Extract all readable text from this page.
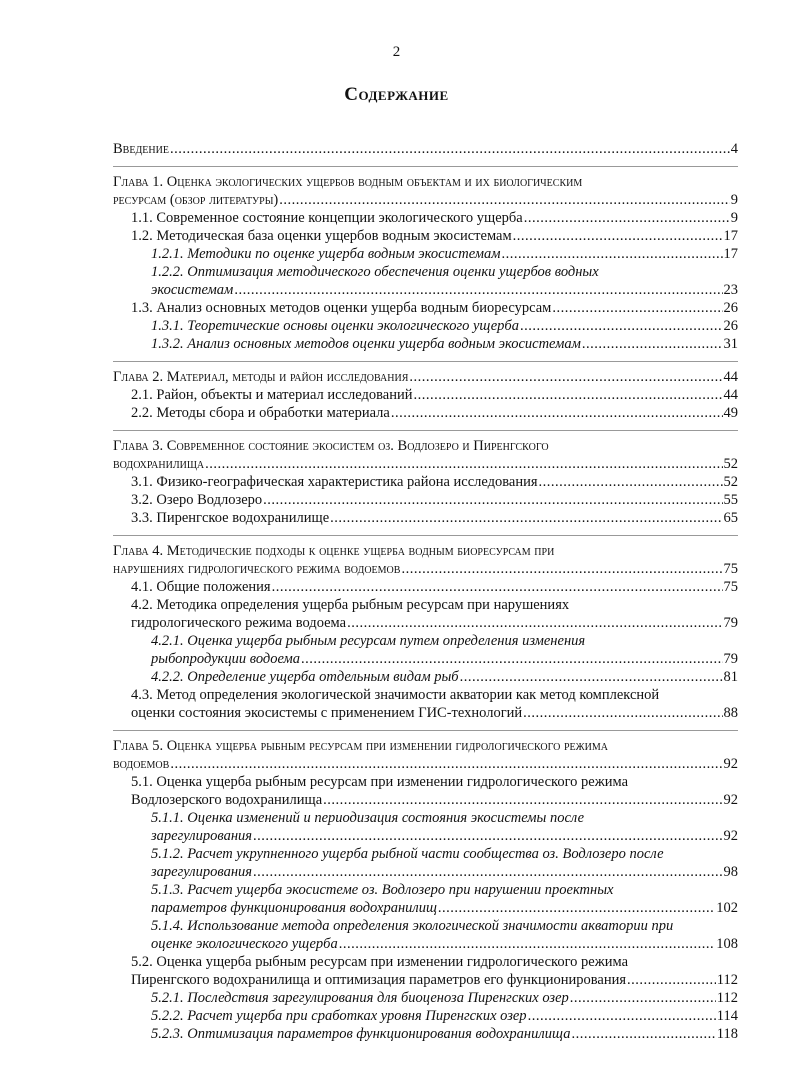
2
Содержание
Введение .....	4
Глава 1. Оценка экологических ущербов водным объектам и их биологическим
ресурсам (обзор литературы) .....	9
1.1. Современное состояние концепции экологического ущерба .....	9
1.2. Методическая база оценки ущербов водным экосистемам .....	17
1.2.1. Методики по оценке ущерба водным экосистемам .....	17
1.2.2. Оптимизация методического обеспечения оценки ущербов водных
экосистемам .....	23
1.3. Анализ основных методов оценки ущерба водным биоресурсам .....	26
1.3.1. Теоретические основы оценки экологического ущерба .....	26
1.3.2. Анализ основных методов оценки ущерба водным экосистемам .....	31
Глава 2. Материал, методы и район исследования .....	44
2.1. Район, объекты и материал исследований .....	44
2.2. Методы сбора и обработки материала .....	49
Глава 3. Современное состояние экосистем оз. Водлозеро и Пиренгского
водохранилища .....	52
3.1. Физико-географическая характеристика района исследования .....	52
3.2. Озеро Водлозеро .....	55
3.3. Пиренгское водохранилище .....	65
Глава 4. Методические подходы к оценке ущерба водным биоресурсам при
нарушениях гидрологического режима водоемов .....	75
4.1. Общие положения .....	75
4.2. Методика определения ущерба рыбным ресурсам при нарушениях
гидрологического режима водоема .....	79
4.2.1. Оценка ущерба рыбным ресурсам путем определения изменения
рыбопродукции водоема .....	79
4.2.2. Определение ущерба отдельным видам рыб .....	81
4.3. Метод определения экологической значимости акватории как метод комплексной
оценки состояния экосистемы с применением ГИС-технологий .....	88
Глава 5. Оценка ущерба рыбным ресурсам при изменении гидрологического режима
водоемов .....	92
5.1. Оценка ущерба рыбным ресурсам при изменении гидрологического режима
Водлозерского водохранилища .....	92
5.1.1. Оценка изменений и периодизация состояния экосистемы после
зарегулирования .....	92
5.1.2. Расчет укрупненного ущерба рыбной части сообщества оз. Водлозеро после
зарегулирования .....	98
5.1.3. Расчет ущерба экосистеме оз. Водлозеро при нарушении проектных
параметров функционирования водохранилищ .....	102
5.1.4. Использование метода определения экологической значимости акватории при
оценке экологического ущерба .....	108
5.2. Оценка ущерба рыбным ресурсам при изменении гидрологического режима
Пиренгского водохранилища и оптимизация параметров его функционирования .....	112
5.2.1. Последствия зарегулирования для биоценоза Пиренгских озер .....	112
5.2.2. Расчет ущерба при сработках уровня Пиренгских озер .....	114
5.2.3. Оптимизация параметров функционирования водохранилища .....	118
